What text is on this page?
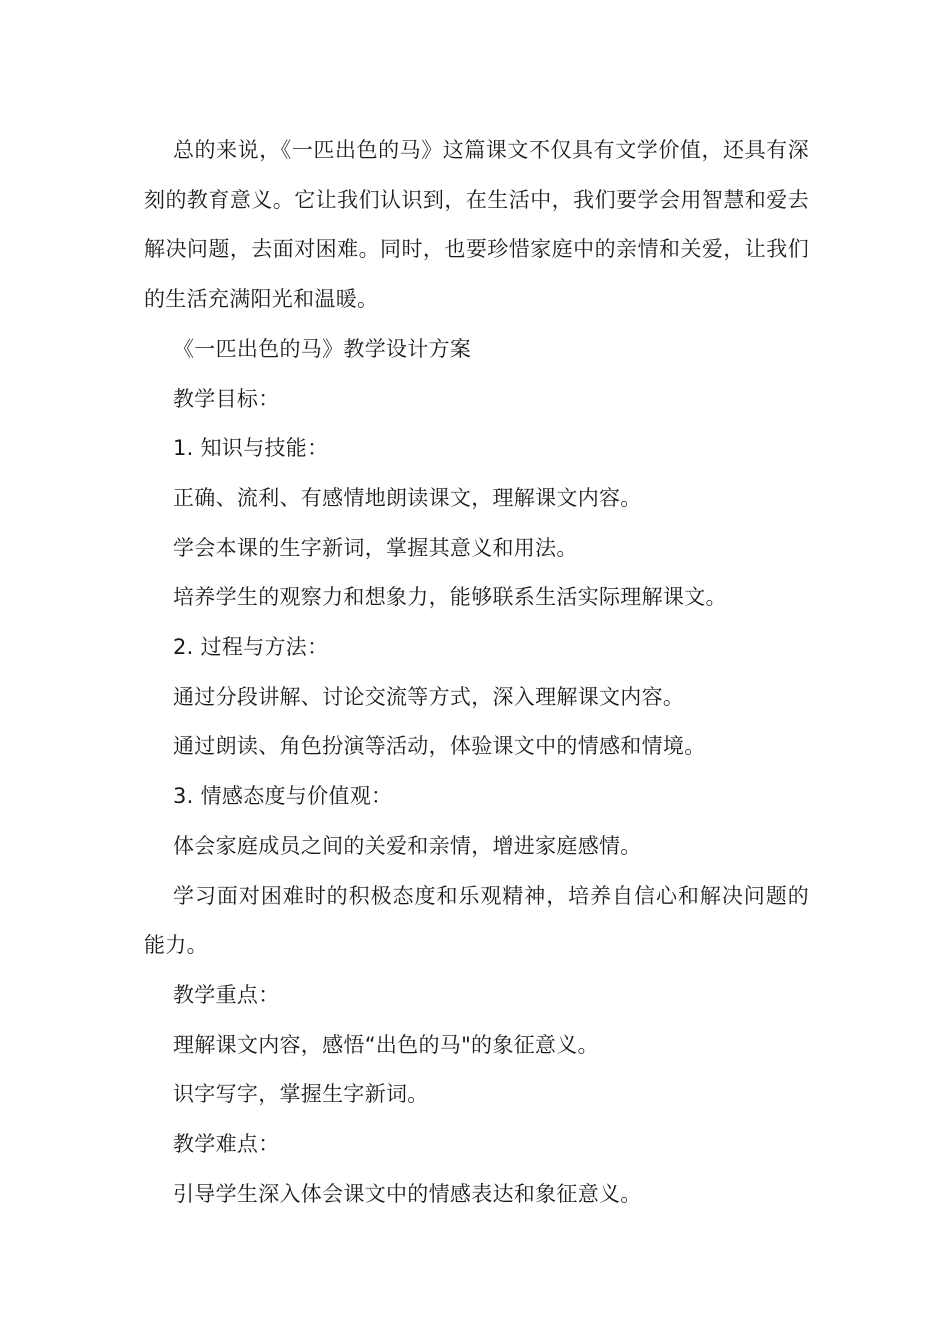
总的来说，《一匹出色的马》这篇课文不仅具有文学价值，还具有深刻的教育意义。它让我们认识到，在生活中，我们要学会用智慧和爱去解决问题，去面对困难。同时，也要珍惜家庭中的亲情和关爱，让我们的生活充满阳光和温暖。

《一匹出色的马》教学设计方案

教学目标：

1. 知识与技能：

正确、流利、有感情地朗读课文，理解课文内容。

学会本课的生字新词，掌握其意义和用法。

培养学生的观察力和想象力，能够联系生活实际理解课文。

2. 过程与方法：

通过分段讲解、讨论交流等方式，深入理解课文内容。

通过朗读、角色扮演等活动，体验课文中的情感和情境。

3. 情感态度与价值观：

体会家庭成员之间的关爱和亲情，增进家庭感情。

学习面对困难时的积极态度和乐观精神，培养自信心和解决问题的能力。

教学重点：

理解课文内容，感悟“出色的马"的象征意义。

识字写字，掌握生字新词。

教学难点：

引导学生深入体会课文中的情感表达和象征意义。
